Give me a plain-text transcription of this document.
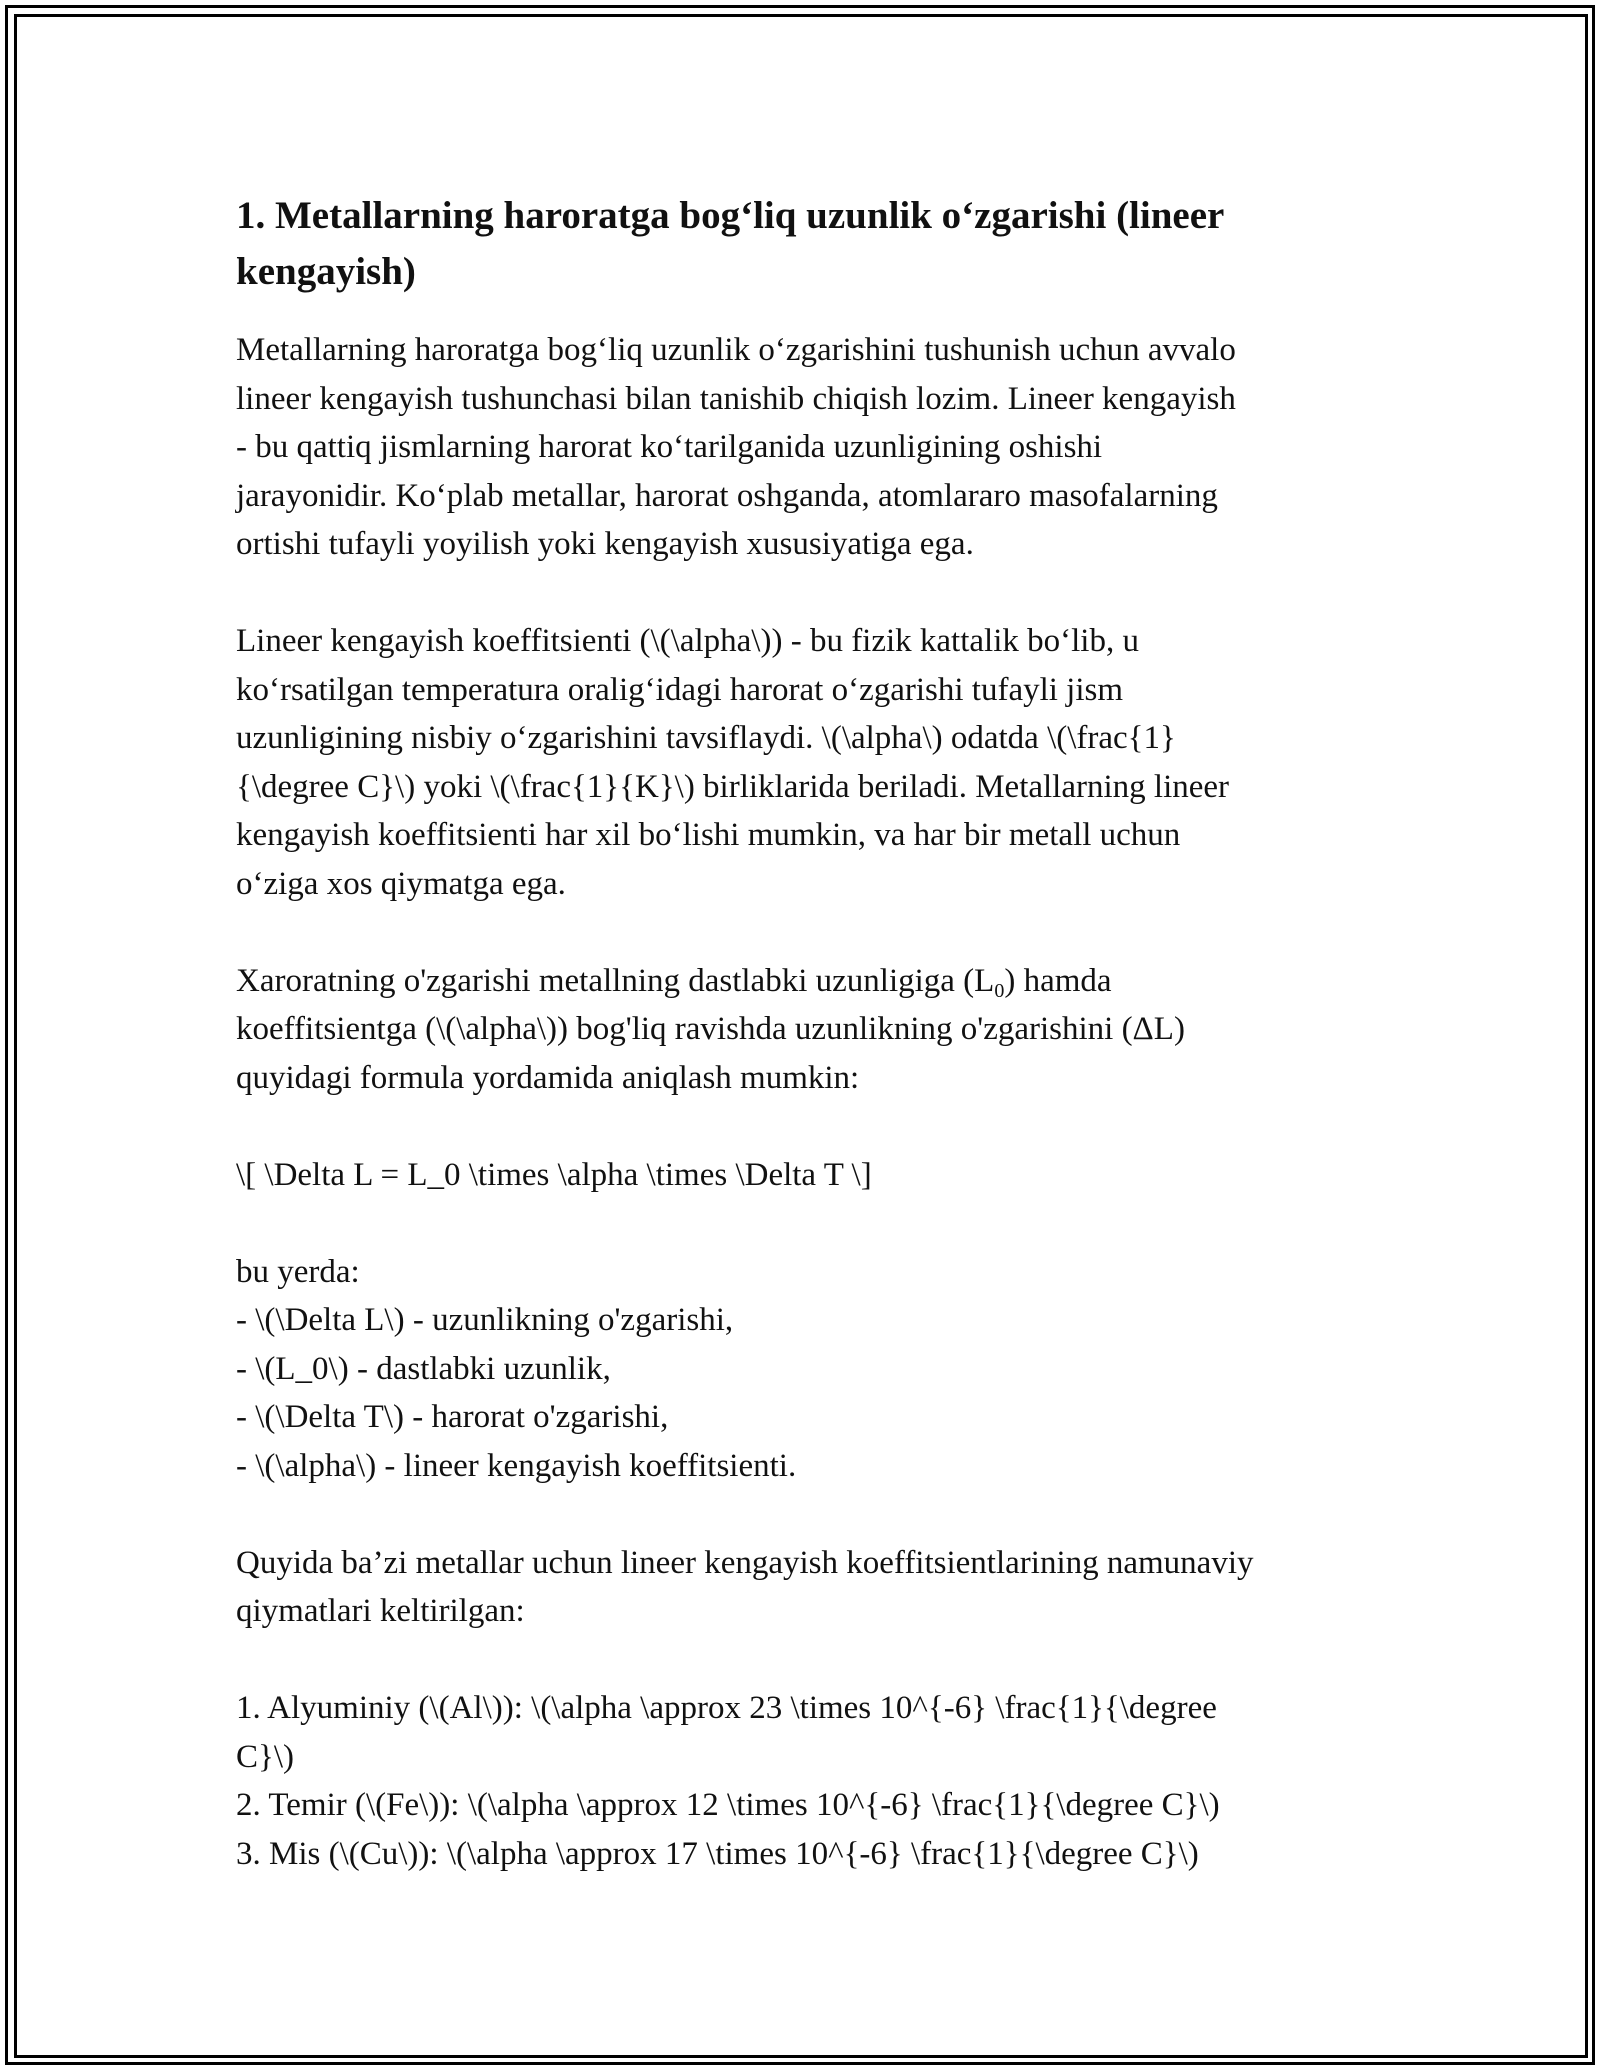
1. Metallarning haroratga bog‘liq uzunlik o‘zgarishi (lineer
kengayish)

Metallarning haroratga bog‘liq uzunlik o‘zgarishini tushunish uchun avvalo
lineer kengayish tushunchasi bilan tanishib chiqish lozim. Lineer kengayish
- bu qattiq jismlarning harorat ko‘tarilganida uzunligining oshishi
jarayonidir. Ko‘plab metallar, harorat oshganda, atomlararo masofalarning
ortishi tufayli yoyilish yoki kengayish xususiyatiga ega.

Lineer kengayish koeffitsienti (\(\alpha\)) - bu fizik kattalik bo‘lib, u
ko‘rsatilgan temperatura oralig‘idagi harorat o‘zgarishi tufayli jism
uzunligining nisbiy o‘zgarishini tavsiflaydi. \(\alpha\) odatda \(\frac{1}
{\degree C}\) yoki \(\frac{1}{K}\) birliklarida beriladi. Metallarning lineer
kengayish koeffitsienti har xil bo‘lishi mumkin, va har bir metall uchun
o‘ziga xos qiymatga ega.

Xaroratning o'zgarishi metallning dastlabki uzunligiga $(L_0)$ hamda
koeffitsientga (\(\alpha\)) bog'liq ravishda uzunlikning o'zgarishini (ΔL)
quyidagi formula yordamida aniqlash mumkin:

\[ \Delta L = L_0 \times \alpha \times \Delta T \]

bu yerda:
- \(\Delta L\) - uzunlikning o'zgarishi,
- \(L_0\) - dastlabki uzunlik,
- \(\Delta T\) - harorat o'zgarishi,
- \(\alpha\) - lineer kengayish koeffitsienti.

Quyida ba’zi metallar uchun lineer kengayish koeffitsientlarining namunaviy
qiymatlari keltirilgan:

1. Alyuminiy (\(Al\)): \(\alpha \approx 23 \times 10^{-6} \frac{1}{\degree
C}\)
2. Temir (\(Fe\)): \(\alpha \approx 12 \times 10^{-6} \frac{1}{\degree C}\)
3. Mis (\(Cu\)): \(\alpha \approx 17 \times 10^{-6} \frac{1}{\degree C}\)
